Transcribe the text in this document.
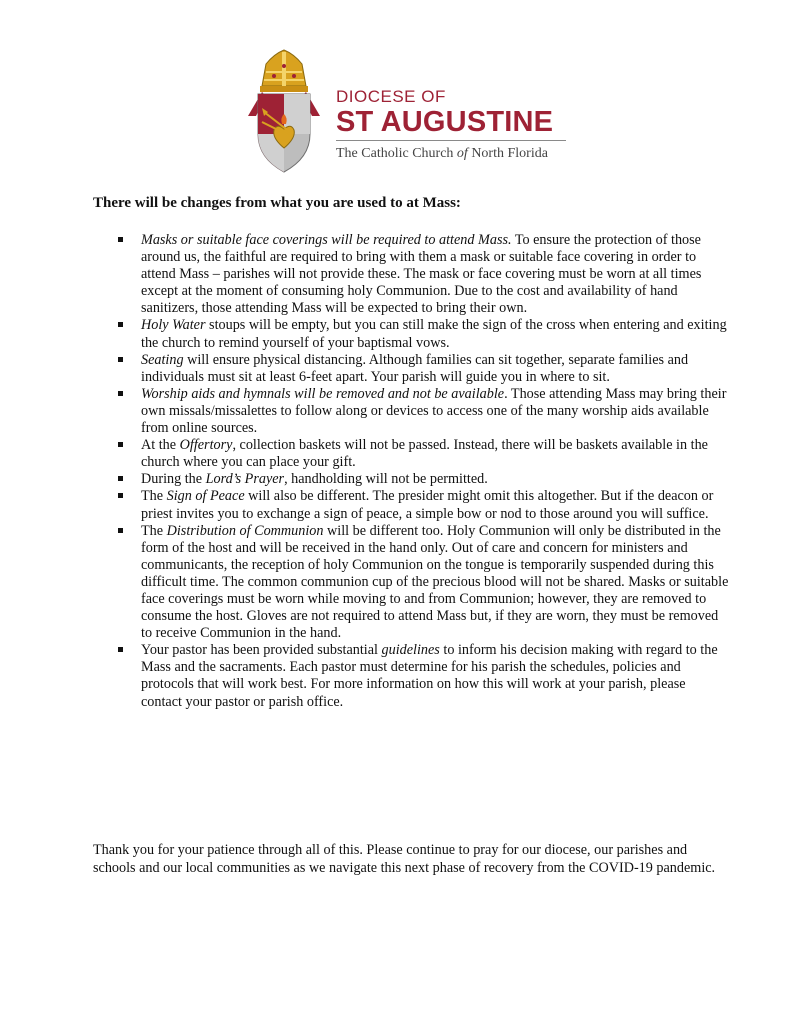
DIOCESE OF
ST AUGUSTINE
The Catholic Church of North Florida
There will be changes from what you are used to at Mass:
Masks or suitable face coverings will be required to attend Mass. To ensure the protection of those around us, the faithful are required to bring with them a mask or suitable face covering in order to attend Mass – parishes will not provide these. The mask or face covering must be worn at all times except at the moment of consuming holy Communion. Due to the cost and availability of hand sanitizers, those attending Mass will be expected to bring their own.
Holy Water stoups will be empty, but you can still make the sign of the cross when entering and exiting the church to remind yourself of your baptismal vows.
Seating will ensure physical distancing. Although families can sit together, separate families and individuals must sit at least 6-feet apart. Your parish will guide you in where to sit.
Worship aids and hymnals will be removed and not be available. Those attending Mass may bring their own missals/missalettes to follow along or devices to access one of the many worship aids available from online sources.
At the Offertory, collection baskets will not be passed. Instead, there will be baskets available in the church where you can place your gift.
During the Lord’s Prayer, handholding will not be permitted.
The Sign of Peace will also be different. The presider might omit this altogether. But if the deacon or priest invites you to exchange a sign of peace, a simple bow or nod to those around you will suffice.
The Distribution of Communion will be different too. Holy Communion will only be distributed in the form of the host and will be received in the hand only. Out of care and concern for ministers and communicants, the reception of holy Communion on the tongue is temporarily suspended during this difficult time. The common communion cup of the precious blood will not be shared. Masks or suitable face coverings must be worn while moving to and from Communion; however, they are removed to consume the host. Gloves are not required to attend Mass but, if they are worn, they must be removed to receive Communion in the hand.
Your pastor has been provided substantial guidelines to inform his decision making with regard to the Mass and the sacraments. Each pastor must determine for his parish the schedules, policies and protocols that will work best. For more information on how this will work at your parish, please contact your pastor or parish office.

Thank you for your patience through all of this. Please continue to pray for our diocese, our parishes and schools and our local communities as we navigate this next phase of recovery from the COVID-19 pandemic.
